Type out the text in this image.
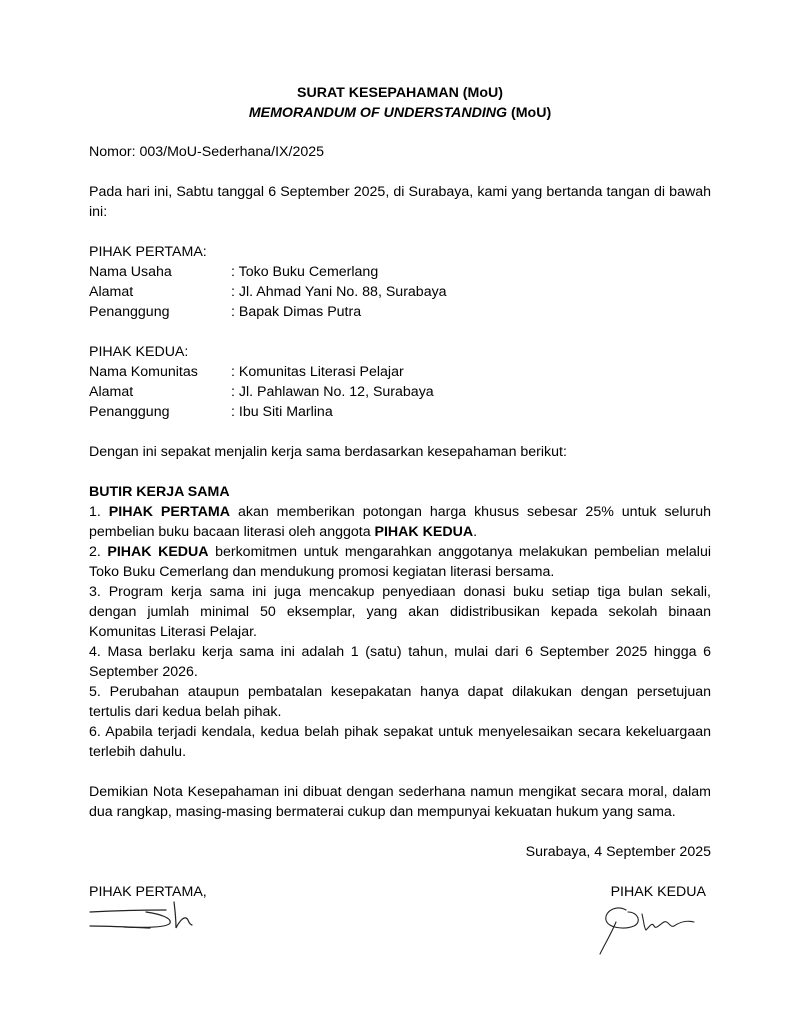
SURAT KESEPAHAMAN (MoU)
MEMORANDUM OF UNDERSTANDING (MoU)
Nomor: 003/MoU-Sederhana/IX/2025
Pada hari ini, Sabtu tanggal 6 September 2025, di Surabaya, kami yang bertanda tangan di bawah ini:
PIHAK PERTAMA:
Nama Usaha	: Toko Buku Cemerlang
Alamat	: Jl. Ahmad Yani No. 88, Surabaya
Penanggung	: Bapak Dimas Putra
PIHAK KEDUA:
Nama Komunitas	: Komunitas Literasi Pelajar
Alamat	: Jl. Pahlawan No. 12, Surabaya
Penanggung	: Ibu Siti Marlina
Dengan ini sepakat menjalin kerja sama berdasarkan kesepahaman berikut:
BUTIR KERJA SAMA
1. PIHAK PERTAMA akan memberikan potongan harga khusus sebesar 25% untuk seluruh pembelian buku bacaan literasi oleh anggota PIHAK KEDUA.
2. PIHAK KEDUA berkomitmen untuk mengarahkan anggotanya melakukan pembelian melalui Toko Buku Cemerlang dan mendukung promosi kegiatan literasi bersama.
3. Program kerja sama ini juga mencakup penyediaan donasi buku setiap tiga bulan sekali, dengan jumlah minimal 50 eksemplar, yang akan didistribusikan kepada sekolah binaan Komunitas Literasi Pelajar.
4. Masa berlaku kerja sama ini adalah 1 (satu) tahun, mulai dari 6 September 2025 hingga 6 September 2026.
5. Perubahan ataupun pembatalan kesepakatan hanya dapat dilakukan dengan persetujuan tertulis dari kedua belah pihak.
6. Apabila terjadi kendala, kedua belah pihak sepakat untuk menyelesaikan secara kekeluargaan terlebih dahulu.
Demikian Nota Kesepahaman ini dibuat dengan sederhana namun mengikat secara moral, dalam dua rangkap, masing-masing bermaterai cukup dan mempunyai kekuatan hukum yang sama.
Surabaya, 4 September 2025
PIHAK PERTAMA,	PIHAK KEDUA
